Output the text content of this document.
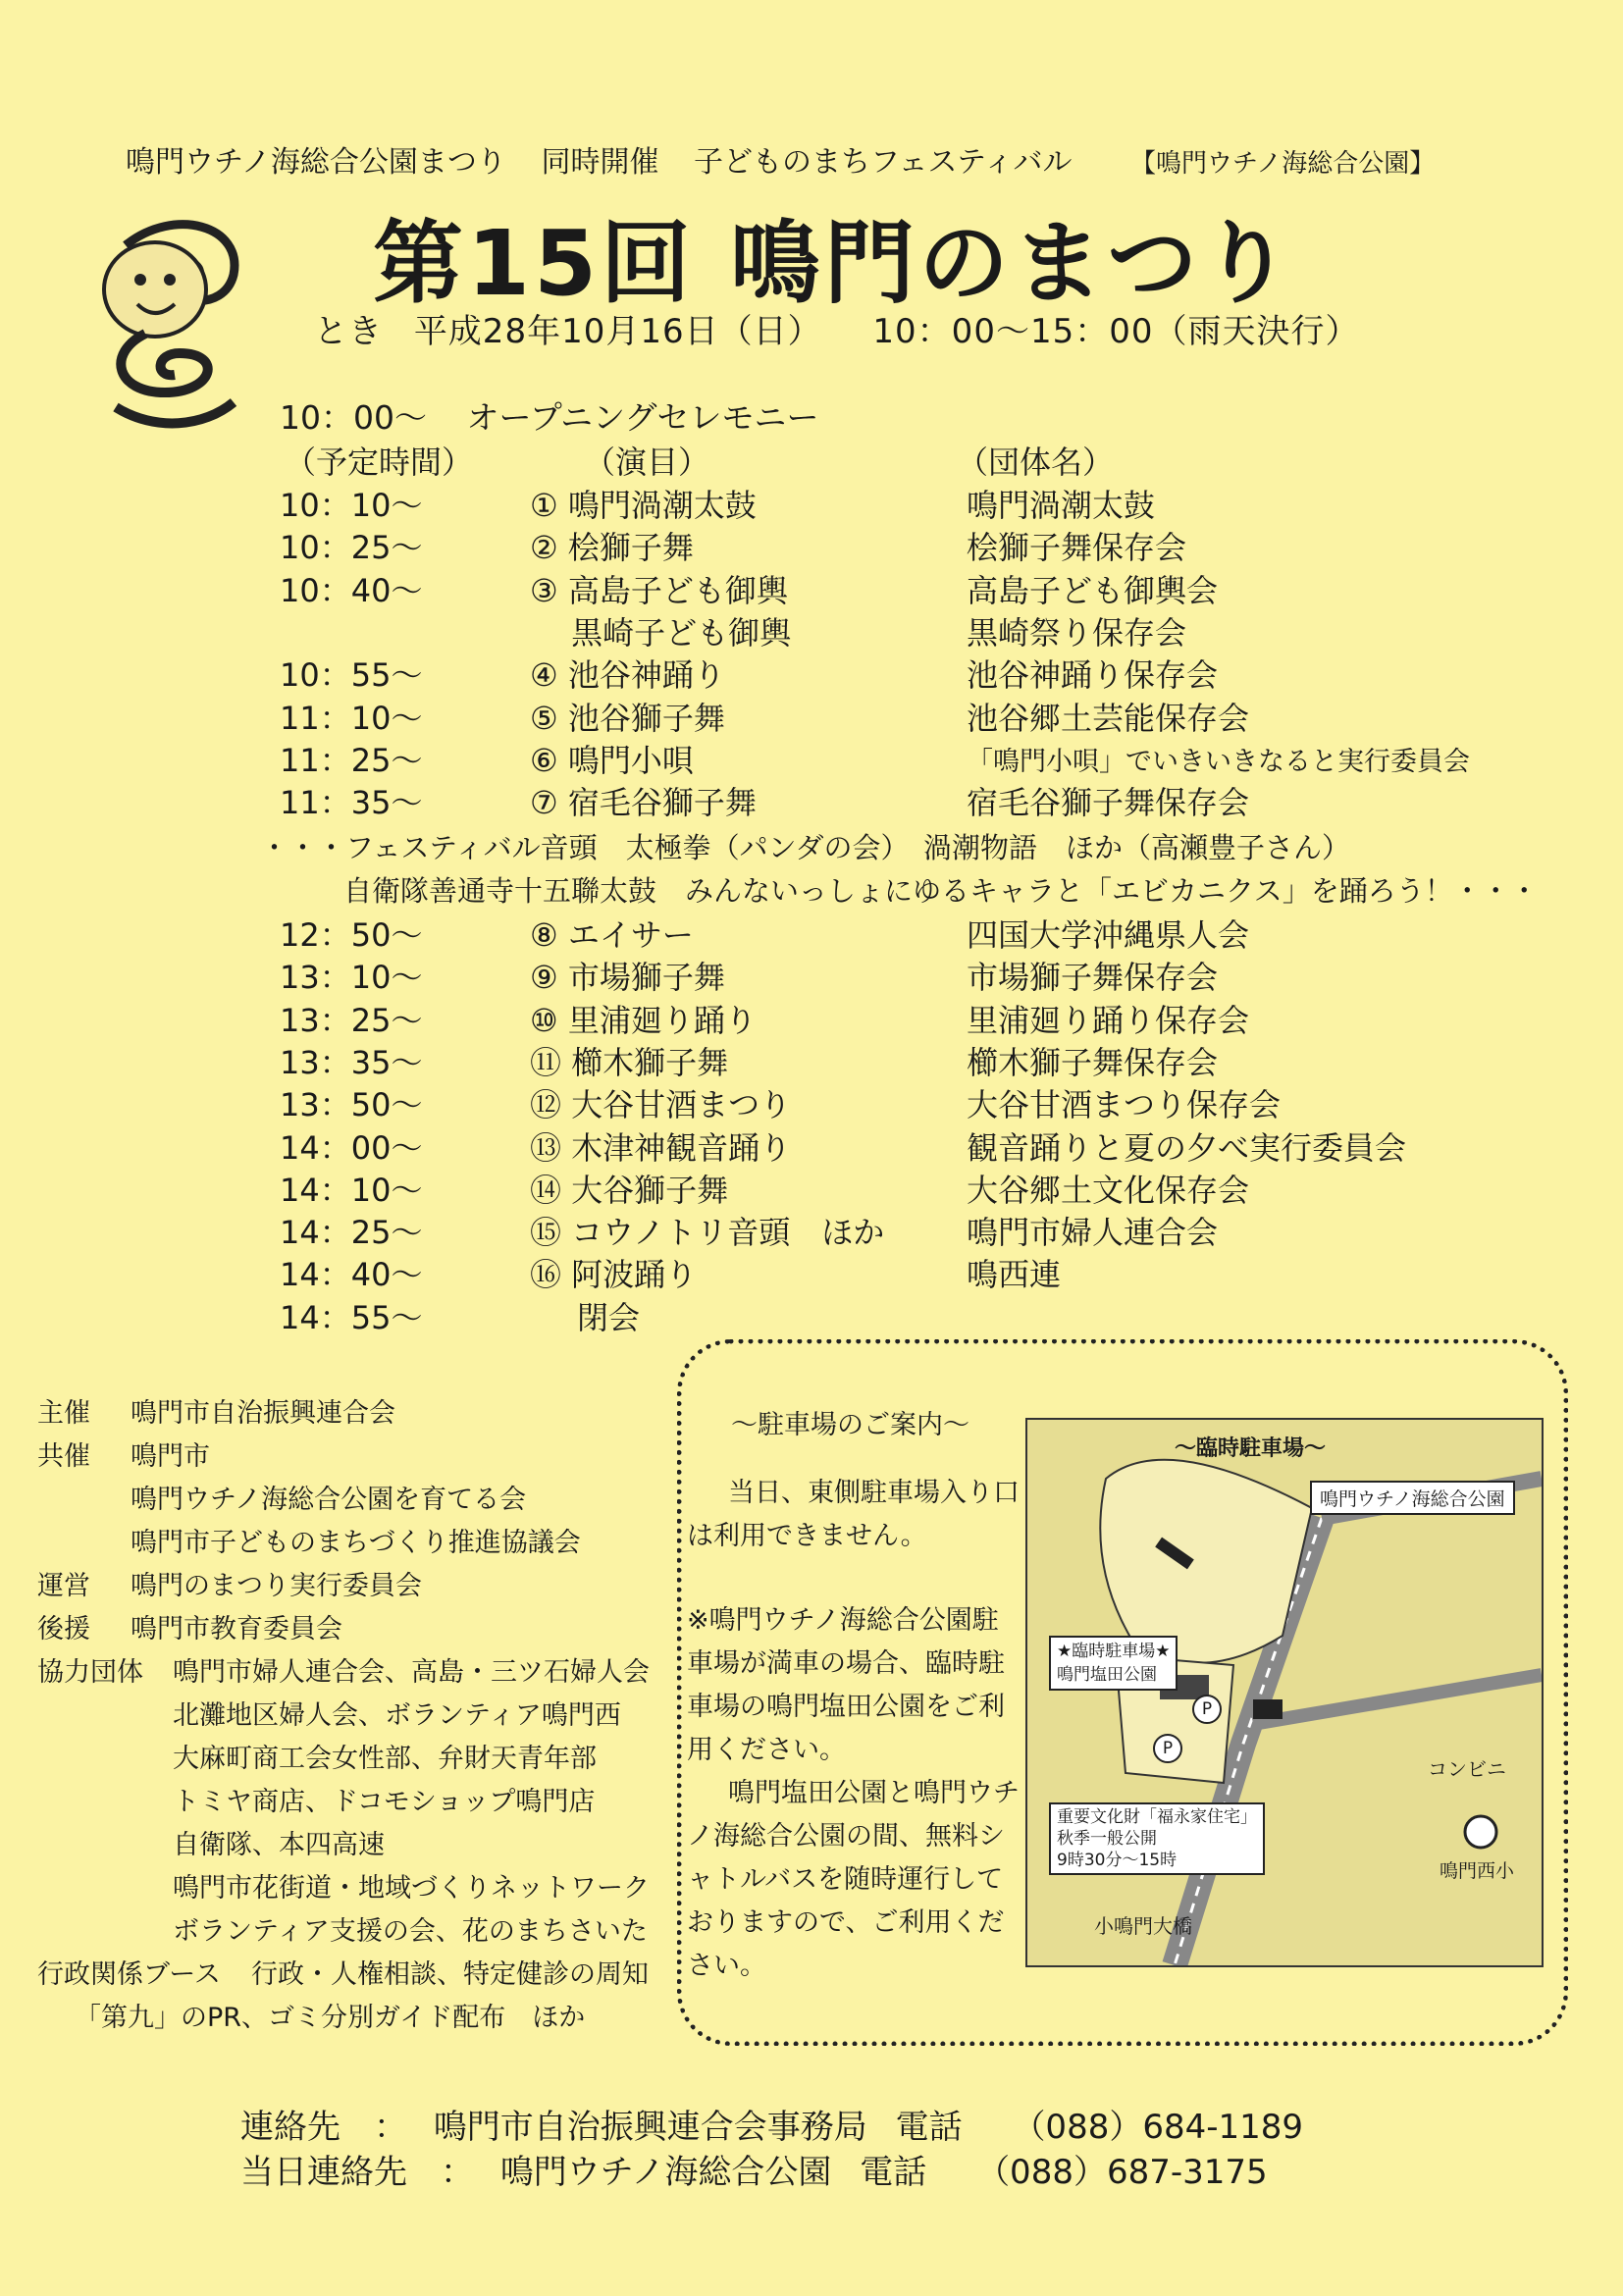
鳴門ウチノ海総合公園まつり 同時開催 子どものまちフェスティバル 【鳴門ウチノ海総合公園】
第15回 鳴門のまつり
とき 平成28年10月16日（日） 10：00～15：00（雨天決行）
10：00～ オープニングセレモニー
（予定時間）	（演目）	（団体名）
10：10～	① 鳴門渦潮太鼓	鳴門渦潮太鼓
10：25～	② 桧獅子舞	桧獅子舞保存会
10：40～	③ 高島子ども御輿	高島子ども御輿会
　 黒崎子ども御輿	黒崎祭り保存会
10：55～	④ 池谷神踊り	池谷神踊り保存会
11：10～	⑤ 池谷獅子舞	池谷郷土芸能保存会
11：25～	⑥ 鳴門小唄	「鳴門小唄」でいきいきなると実行委員会
11：35～	⑦ 宿毛谷獅子舞	宿毛谷獅子舞保存会
・・・フェスティバル音頭　太極拳（パンダの会）　渦潮物語　ほか（高瀬豊子さん）
自衛隊善通寺十五聯太鼓　みんないっしょにゆるキャラと「エビカニクス」を踊ろう！・・・
12：50～	⑧ エイサー	四国大学沖縄県人会
13：10～	⑨ 市場獅子舞	市場獅子舞保存会
13：25～	⑩ 里浦廻り踊り	里浦廻り踊り保存会
13：35～	⑪ 櫛木獅子舞	櫛木獅子舞保存会
13：50～	⑫ 大谷甘酒まつり	大谷甘酒まつり保存会
14：00～	⑬ 木津神観音踊り	観音踊りと夏の夕べ実行委員会
14：10～	⑭ 大谷獅子舞	大谷郷土文化保存会
14：25～	⑮ コウノトリ音頭　ほか	鳴門市婦人連合会
14：40～	⑯ 阿波踊り	鳴西連
14：55～	閉会
主催 鳴門市自治振興連合会
共催 鳴門市
鳴門ウチノ海総合公園を育てる会
鳴門市子どものまちづくり推進協議会
運営 鳴門のまつり実行委員会
後援 鳴門市教育委員会
協力団体 鳴門市婦人連合会、高島・三ツ石婦人会
北灘地区婦人会、ボランティア鳴門西
大麻町商工会女性部、弁財天青年部
トミヤ商店、ドコモショップ鳴門店
自衛隊、本四高速
鳴門市花街道・地域づくりネットワーク
ボランティア支援の会、花のまちさいた
行政関係ブース 行政・人権相談、特定健診の周知
「第九」のPR、ゴミ分別ガイド配布　ほか
～駐車場のご案内～
当日、東側駐車場入り口は利用できません。
※鳴門ウチノ海総合公園駐車場が満車の場合、臨時駐車場の鳴門塩田公園をご利用ください。
鳴門塩田公園と鳴門ウチノ海総合公園の間、無料シャトルバスを随時運行しておりますので、ご利用ください。
～臨時駐車場～
鳴門ウチノ海総合公園
★臨時駐車場★
鳴門塩田公園
P
P
コンビニ
重要文化財「福永家住宅」
秋季一般公開
9時30分～15時	鳴門西小
小鳴門大橋
連絡先　： 鳴門市自治振興連合会事務局 電話 （088）684-1189
当日連絡先　： 鳴門ウチノ海総合公園 電話 （088）687-3175
